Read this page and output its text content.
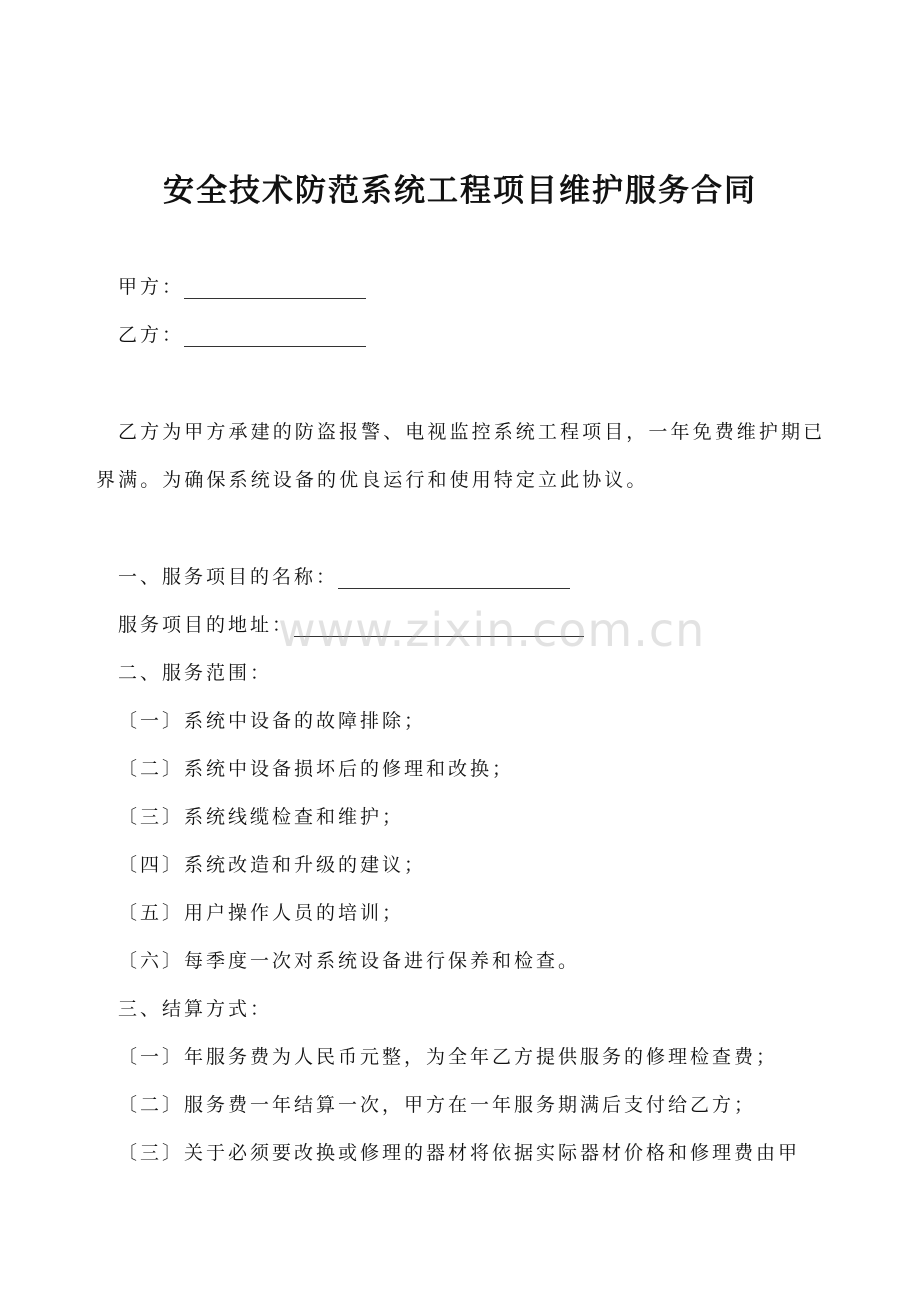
安全技术防范系统工程项目维护服务合同

甲方：

乙方：

乙方为甲方承建的防盗报警、电视监控系统工程项目，一年免费维护期已界满。为确保系统设备的优良运行和使用特定立此协议。

一、服务项目的名称：

服务项目的地址：

二、服务范围：

〔一〕系统中设备的故障排除；

〔二〕系统中设备损坏后的修理和改换；

〔三〕系统线缆检查和维护；

〔四〕系统改造和升级的建议；

〔五〕用户操作人员的培训；

〔六〕每季度一次对系统设备进行保养和检查。

三、结算方式：

〔一〕年服务费为人民币元整，为全年乙方提供服务的修理检查费；

〔二〕服务费一年结算一次，甲方在一年服务期满后支付给乙方；

〔三〕关于必须要改换或修理的器材将依据实际器材价格和修理费由甲

www.zixin.com.cn
